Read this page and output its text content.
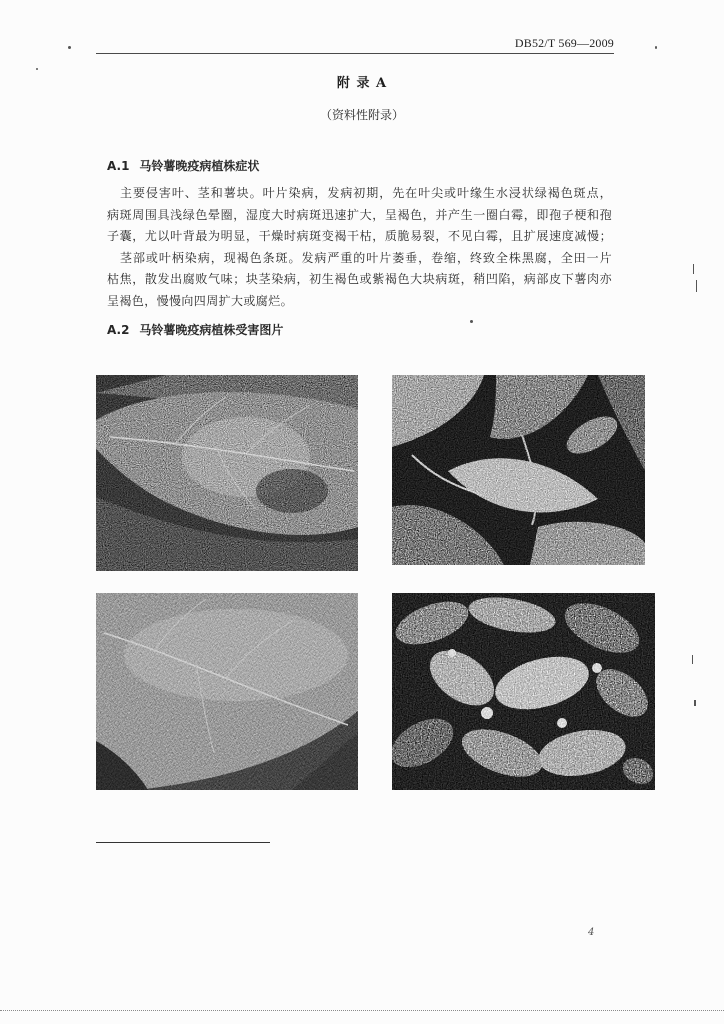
DB52/T 569—2009
附 录 A
（资料性附录）
A.1 马铃薯晚疫病植株症状
主要侵害叶、茎和薯块。叶片染病，发病初期，先在叶尖或叶缘生水浸状绿褐色斑点，
病斑周围具浅绿色晕圈，湿度大时病斑迅速扩大，呈褐色，并产生一圈白霉，即孢子梗和孢
子囊，尤以叶背最为明显，干燥时病斑变褐干枯，质脆易裂，不见白霉，且扩展速度减慢；
茎部或叶柄染病，现褐色条斑。发病严重的叶片萎垂，卷缩，终致全株黑腐，全田一片
枯焦，散发出腐败气味；块茎染病，初生褐色或紫褐色大块病斑，稍凹陷，病部皮下薯肉亦
呈褐色，慢慢向四周扩大或腐烂。
A.2 马铃薯晚疫病植株受害图片
4
